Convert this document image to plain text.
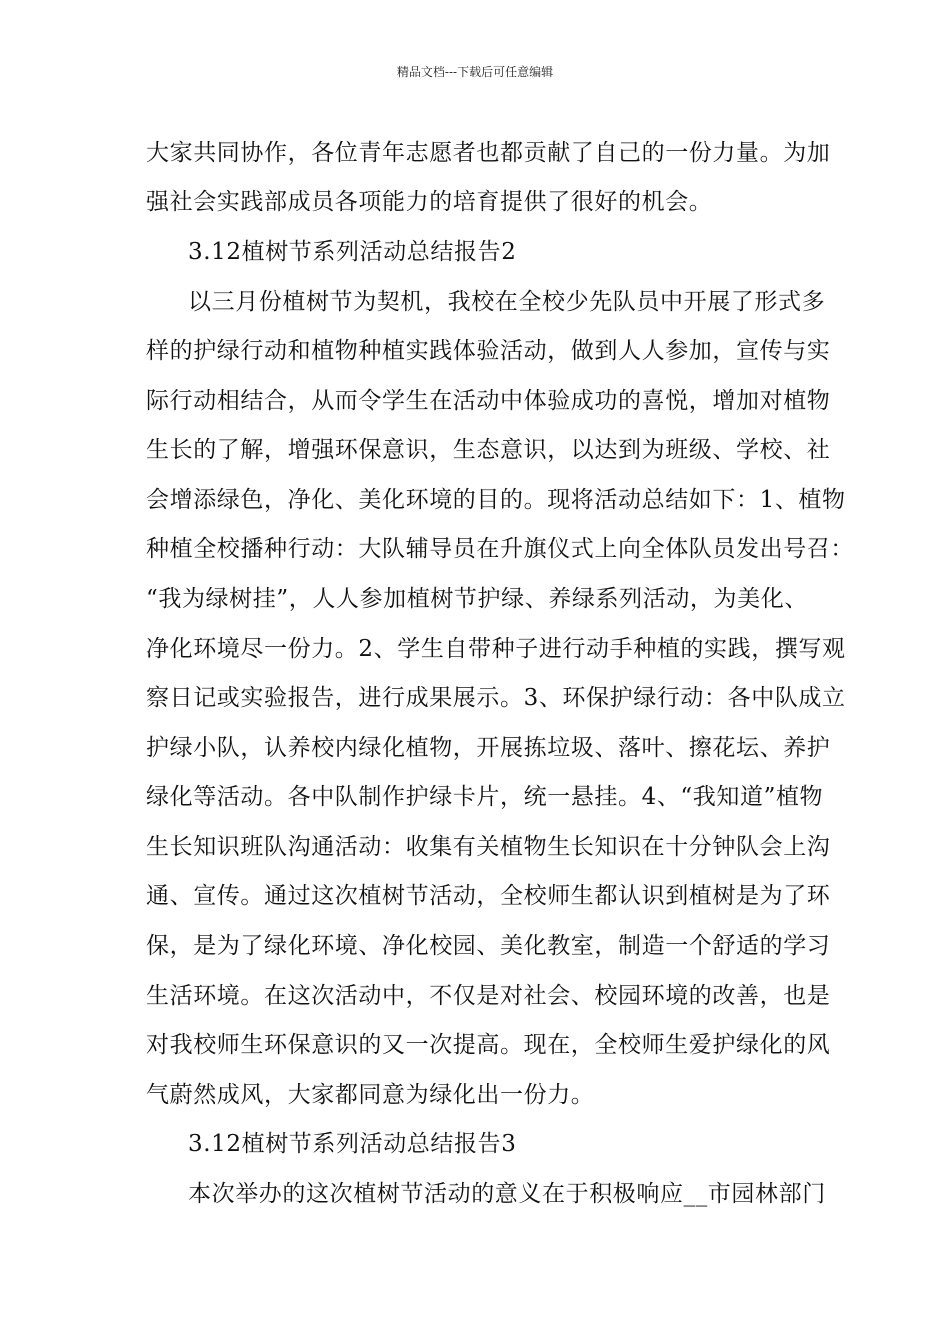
精品文档---下载后可任意编辑
大家共同协作，各位青年志愿者也都贡献了自己的一份力量。为加
强社会实践部成员各项能力的培育提供了很好的机会。
3.12植树节系列活动总结报告2
以三月份植树节为契机，我校在全校少先队员中开展了形式多
样的护绿行动和植物种植实践体验活动，做到人人参加，宣传与实
际行动相结合，从而令学生在活动中体验成功的喜悦，增加对植物
生长的了解，增强环保意识，生态意识，以达到为班级、学校、社
会增添绿色，净化、美化环境的目的。现将活动总结如下：1、植物
种植全校播种行动：大队辅导员在升旗仪式上向全体队员发出号召：
“我为绿树挂”，人人参加植树节护绿、养绿系列活动，为美化、
净化环境尽一份力。2、学生自带种子进行动手种植的实践，撰写观
察日记或实验报告，进行成果展示。3、环保护绿行动：各中队成立
护绿小队，认养校内绿化植物，开展拣垃圾、落叶、擦花坛、养护
绿化等活动。各中队制作护绿卡片，统一悬挂。4、“我知道”植物
生长知识班队沟通活动：收集有关植物生长知识在十分钟队会上沟
通、宣传。通过这次植树节活动，全校师生都认识到植树是为了环
保，是为了绿化环境、净化校园、美化教室，制造一个舒适的学习
生活环境。在这次活动中，不仅是对社会、校园环境的改善，也是
对我校师生环保意识的又一次提高。现在，全校师生爱护绿化的风
气蔚然成风，大家都同意为绿化出一份力。
3.12植树节系列活动总结报告3
本次举办的这次植树节活动的意义在于积极响应__市园林部门
